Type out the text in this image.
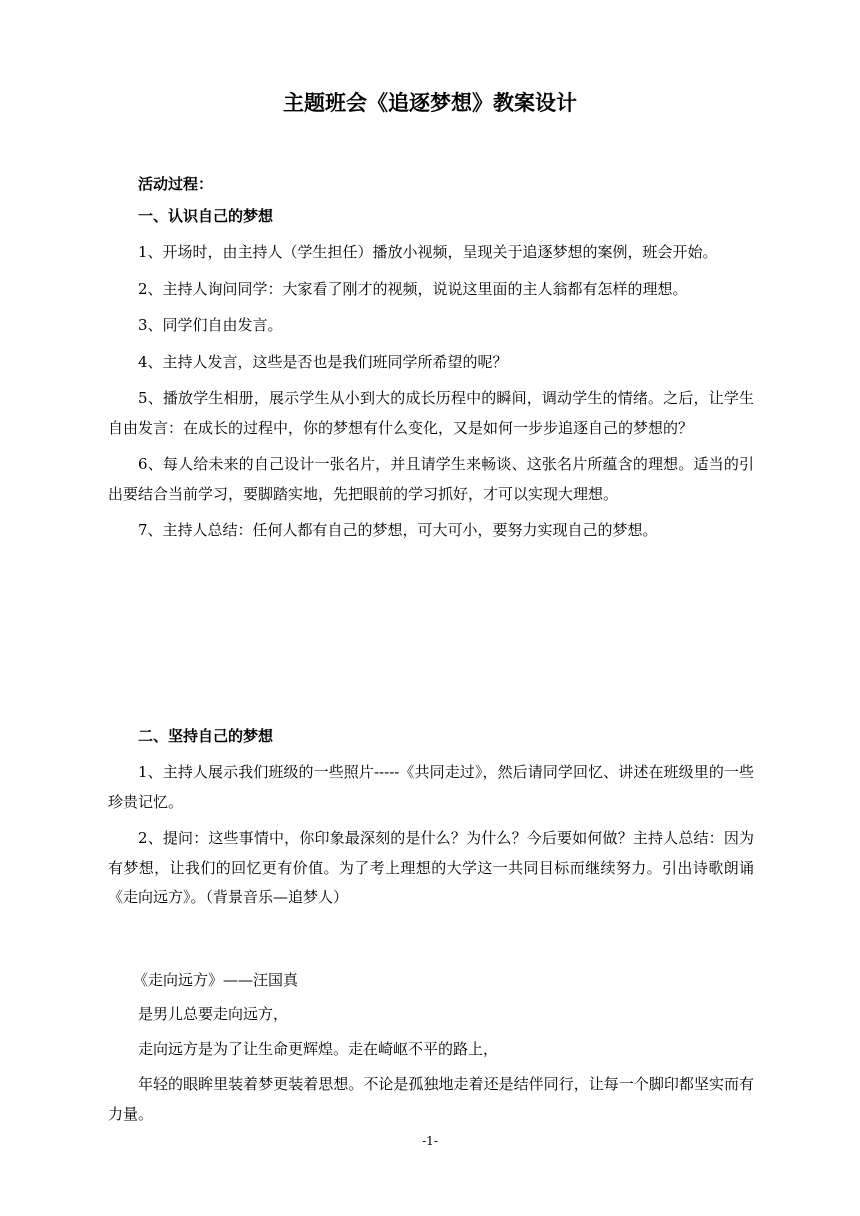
主题班会《追逐梦想》教案设计
活动过程：
一、认识自己的梦想

1、开场时，由主持人（学生担任）播放小视频，呈现关于追逐梦想的案例，班会开始。

2、主持人询问同学：大家看了刚才的视频，说说这里面的主人翁都有怎样的理想。

3、同学们自由发言。

4、主持人发言，这些是否也是我们班同学所希望的呢？

5、播放学生相册，展示学生从小到大的成长历程中的瞬间，调动学生的情绪。之后，让学生自由发言：在成长的过程中，你的梦想有什么变化，又是如何一步步追逐自己的梦想的？

6、每人给未来的自己设计一张名片，并且请学生来畅谈、这张名片所蕴含的理想。适当的引出要结合当前学习，要脚踏实地，先把眼前的学习抓好，才可以实现大理想。

7、主持人总结：任何人都有自己的梦想，可大可小，要努力实现自己的梦想。

二、坚持自己的梦想

1、主持人展示我们班级的一些照片-----《共同走过》，然后请同学回忆、讲述在班级里的一些珍贵记忆。

2、提问：这些事情中，你印象最深刻的是什么？为什么？今后要如何做？主持人总结：因为有梦想，让我们的回忆更有价值。为了考上理想的大学这一共同目标而继续努力。引出诗歌朗诵《走向远方》。（背景音乐—追梦人）

《走向远方》——汪国真
是男儿总要走向远方，
走向远方是为了让生命更辉煌。走在崎岖不平的路上，

年轻的眼眸里装着梦更装着思想。不论是孤独地走着还是结伴同行，让每一个脚印都坚实而有力量。

-1-
